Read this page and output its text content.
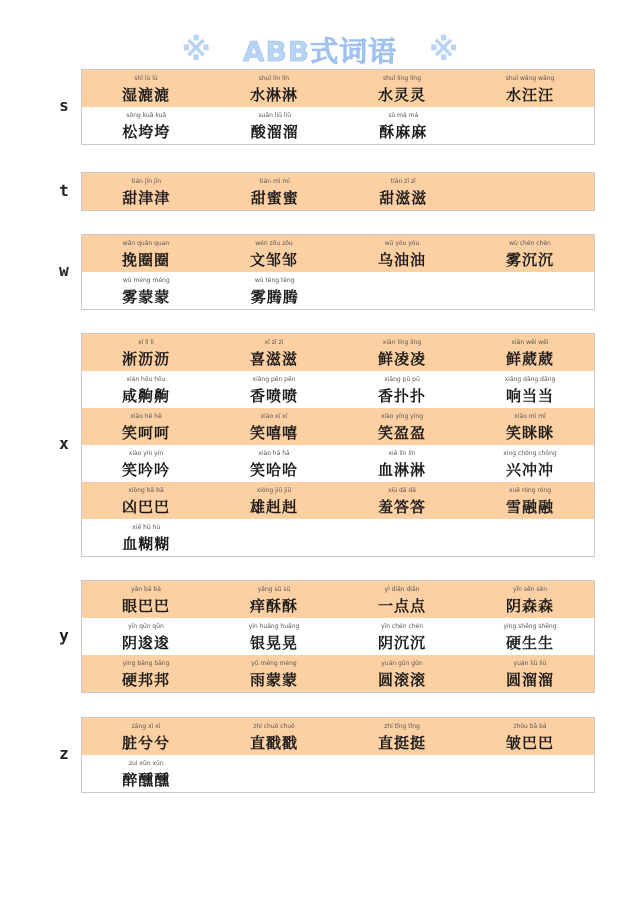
※ ABB式词语 ※
s
shī lù lù
湿漉漉
shuǐ lín lín
水淋淋
shuǐ líng líng
水灵灵
shuǐ wāng wāng
水汪汪
sōng kuǎ kuǎ
松垮垮
suān liū liū
酸溜溜
sū má má
酥麻麻
t	tián jīn jīn
甜津津
tián mì mì
甜蜜蜜
tián zī zī
甜滋滋
w
wǎn quān quan
挽圈圈
wén zōu zōu
文邹邹
wū yóu yóu
乌油油
wù chén chén
雾沉沉
wù méng méng
雾蒙蒙
wù téng téng
雾腾腾
x
xī lì lì
淅沥沥
xǐ zī zī
喜滋滋
xiān líng líng
鲜凌凌
xiān wēi wēi
鲜葳葳
xián hōu hōu
咸齁齁
xiāng pēn pēn
香喷喷
xiāng pū pū
香扑扑
xiǎng dāng dāng
响当当
xiào hē hē
笑呵呵
xiào xī xī
笑嘻嘻
xiào yíng yíng
笑盈盈
xiào mī mī
笑眯眯
xiào yín yín
笑吟吟
xiào hā hā
笑哈哈
xiě lín lín
血淋淋
xìng chōng chōng
兴冲冲
xiōng bā bā
凶巴巴
xióng jiū jiū
雄赳赳
xiū dā dā
羞答答
xuě róng róng
雪融融
xiě hū hū
血糊糊
y
yǎn bā bā
眼巴巴
yǎng sū sū
痒酥酥
yì diǎn diǎn
一点点
yīn sēn sēn
阴森森
yīn qūn qūn
阴逡逡
yín huǎng huǎng
银晃晃
yīn chén chén
阴沉沉
yìng shēng shēng
硬生生
yìng bāng bāng
硬邦邦
yǔ méng méng
雨蒙蒙
yuán gǔn gǔn
圆滚滚
yuán liū liū
圆溜溜
z
zāng xī xī
脏兮兮
zhí chuō chuō
直戳戳
zhí tǐng tǐng
直挺挺
zhòu bā bā
皱巴巴
zuì xūn xūn
醉醺醺
